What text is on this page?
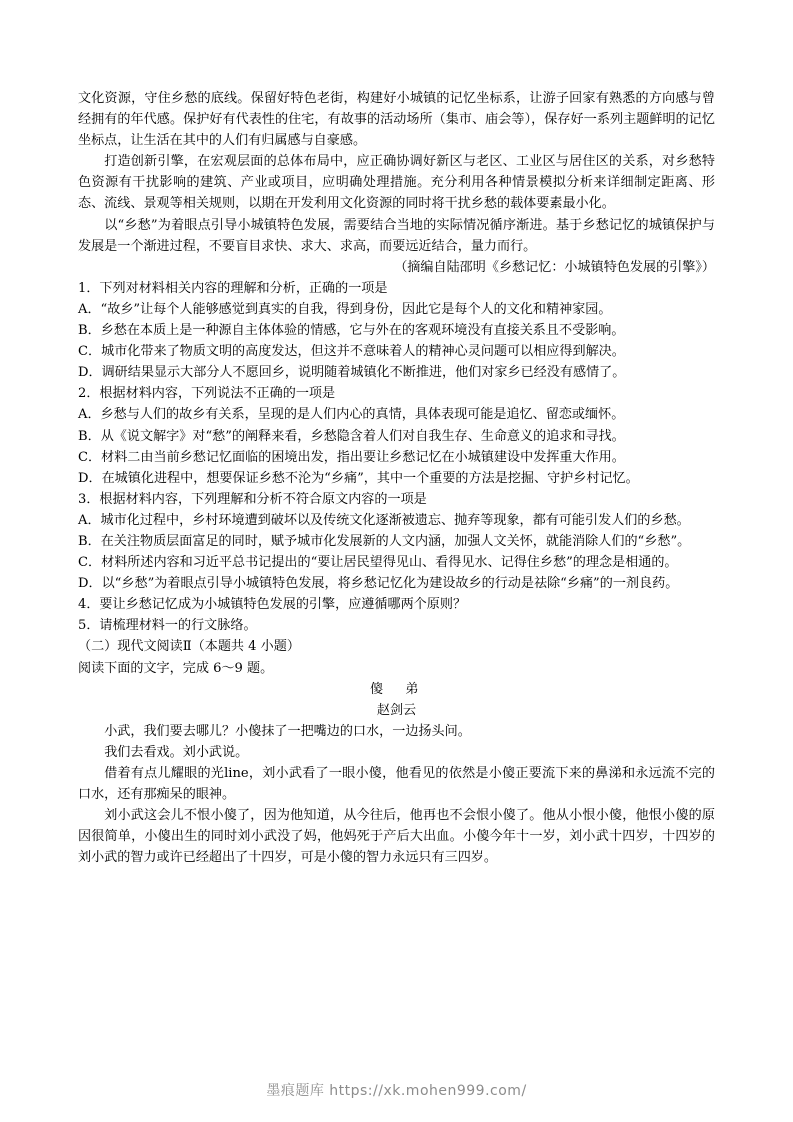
文化资源，守住乡愁的底线。保留好特色老街，构建好小城镇的记忆坐标系，让游子回家有熟悉的方向感与曾经拥有的年代感。保护好有代表性的住宅，有故事的活动场所（集市、庙会等），保存好一系列主题鲜明的记忆坐标点，让生活在其中的人们有归属感与自豪感。

打造创新引擎，在宏观层面的总体布局中，应正确协调好新区与老区、工业区与居住区的关系，对乡愁特色资源有干扰影响的建筑、产业或项目，应明确处理措施。充分利用各种情景模拟分析来详细制定距离、形态、流线、景观等相关规则，以期在开发利用文化资源的同时将干扰乡愁的载体要素最小化。

以“乡愁”为着眼点引导小城镇特色发展，需要结合当地的实际情况循序渐进。基于乡愁记忆的城镇保护与发展是一个渐进过程，不要盲目求快、求大、求高，而要远近结合，量力而行。

（摘编自陆邵明《乡愁记忆：小城镇特色发展的引擎》）

1．下列对材料相关内容的理解和分析，正确的一项是

A．“故乡”让每个人能够感觉到真实的自我，得到身份，因此它是每个人的文化和精神家园。

B．乡愁在本质上是一种源自主体体验的情感，它与外在的客观环境没有直接关系且不受影响。

C．城市化带来了物质文明的高度发达，但这并不意味着人的精神心灵问题可以相应得到解决。

D．调研结果显示大部分人不愿回乡，说明随着城镇化不断推进，他们对家乡已经没有感情了。

2．根据材料内容，下列说法不正确的一项是

A．乡愁与人们的故乡有关系，呈现的是人们内心的真情，具体表现可能是追忆、留恋或缅怀。

B．从《说文解字》对“愁”的阐释来看，乡愁隐含着人们对自我生存、生命意义的追求和寻找。

C．材料二由当前乡愁记忆面临的困境出发，指出要让乡愁记忆在小城镇建设中发挥重大作用。

D．在城镇化进程中，想要保证乡愁不沦为“乡痛”，其中一个重要的方法是挖掘、守护乡村记忆。

3．根据材料内容，下列理解和分析不符合原文内容的一项是

A．城市化过程中，乡村环境遭到破坏以及传统文化逐渐被遗忘、抛弃等现象，都有可能引发人们的乡愁。

B．在关注物质层面富足的同时，赋予城市化发展新的人文内涵，加强人文关怀，就能消除人们的“乡愁”。

C．材料所述内容和习近平总书记提出的“要让居民望得见山、看得见水、记得住乡愁”的理念是相通的。

D．以“乡愁”为着眼点引导小城镇特色发展，将乡愁记忆化为建设故乡的行动是祛除“乡痛”的一剂良药。

4．要让乡愁记忆成为小城镇特色发展的引擎，应遵循哪两个原则？

5．请梳理材料一的行文脉络。

（二）现代文阅读Ⅱ（本题共 4 小题）

阅读下面的文字，完成 6～9 题。

傻　弟

赵剑云

小武，我们要去哪儿？小傻抹了一把嘴边的口水，一边扬头问。

我们去看戏。刘小武说。

借着有点儿耀眼的光line，刘小武看了一眼小傻，他看见的依然是小傻正要流下来的鼻涕和永远流不完的口水，还有那痴呆的眼神。

刘小武这会儿不恨小傻了，因为他知道，从今往后，他再也不会恨小傻了。他从小恨小傻，他恨小傻的原因很简单，小傻出生的同时刘小武没了妈，他妈死于产后大出血。小傻今年十一岁，刘小武十四岁，十四岁的刘小武的智力或许已经超出了十四岁，可是小傻的智力永远只有三四岁。

墨痕题库 https://xk.mohen999.com/
